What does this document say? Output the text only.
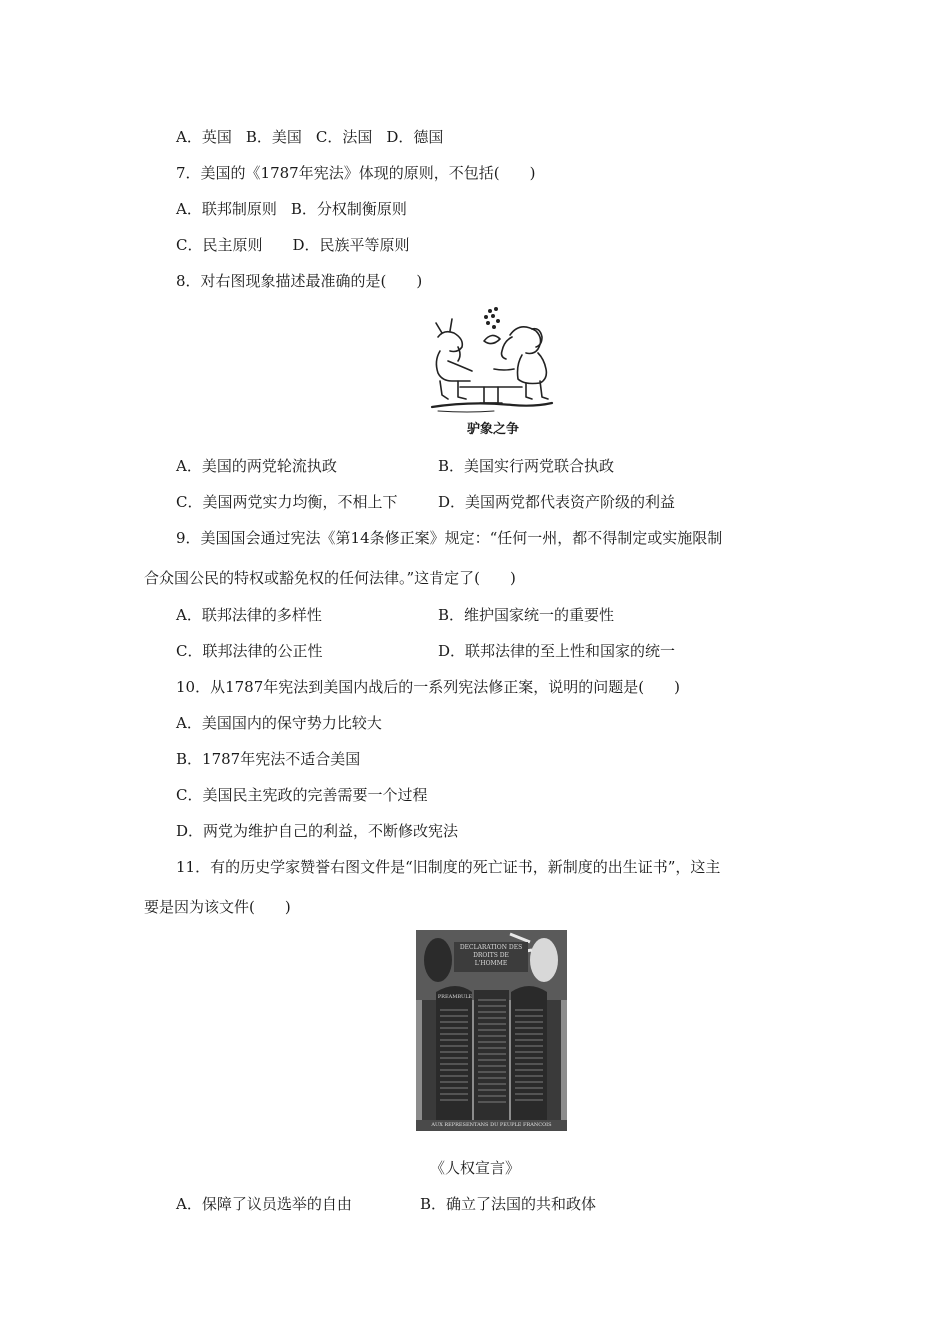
A．英国 B．美国 C．法国 D．德国
7．美国的《1787年宪法》体现的原则，不包括(　　)
A．联邦制原则 B．分权制衡原则
C．民主原则 D．民族平等原则
8．对右图现象描述最准确的是(　　)
驴象之争
A．美国的两党轮流执政	B．美国实行两党联合执政
C．美国两党实力均衡，不相上下	D．美国两党都代表资产阶级的利益
9．美国国会通过宪法《第14条修正案》规定：“任何一州，都不得制定或实施限制
合众国公民的特权或豁免权的任何法律。”这肯定了(　　)
A．联邦法律的多样性	B．维护国家统一的重要性
C．联邦法律的公正性	D．联邦法律的至上性和国家的统一
10．从1787年宪法到美国内战后的一系列宪法修正案，说明的问题是(　　)
A．美国国内的保守势力比较大
B．1787年宪法不适合美国
C．美国民主宪政的完善需要一个过程
D．两党为维护自己的利益，不断修改宪法
11．有的历史学家赞誉右图文件是“旧制度的死亡证书，新制度的出生证书”，这主
要是因为该文件(　　)
DECLARATION DES DROITS DE L'HOMME
PREAMBULE
AUX REPRESENTANS DU PEUPLE FRANCOIS
《人权宣言》
A．保障了议员选举的自由	B．确立了法国的共和政体
